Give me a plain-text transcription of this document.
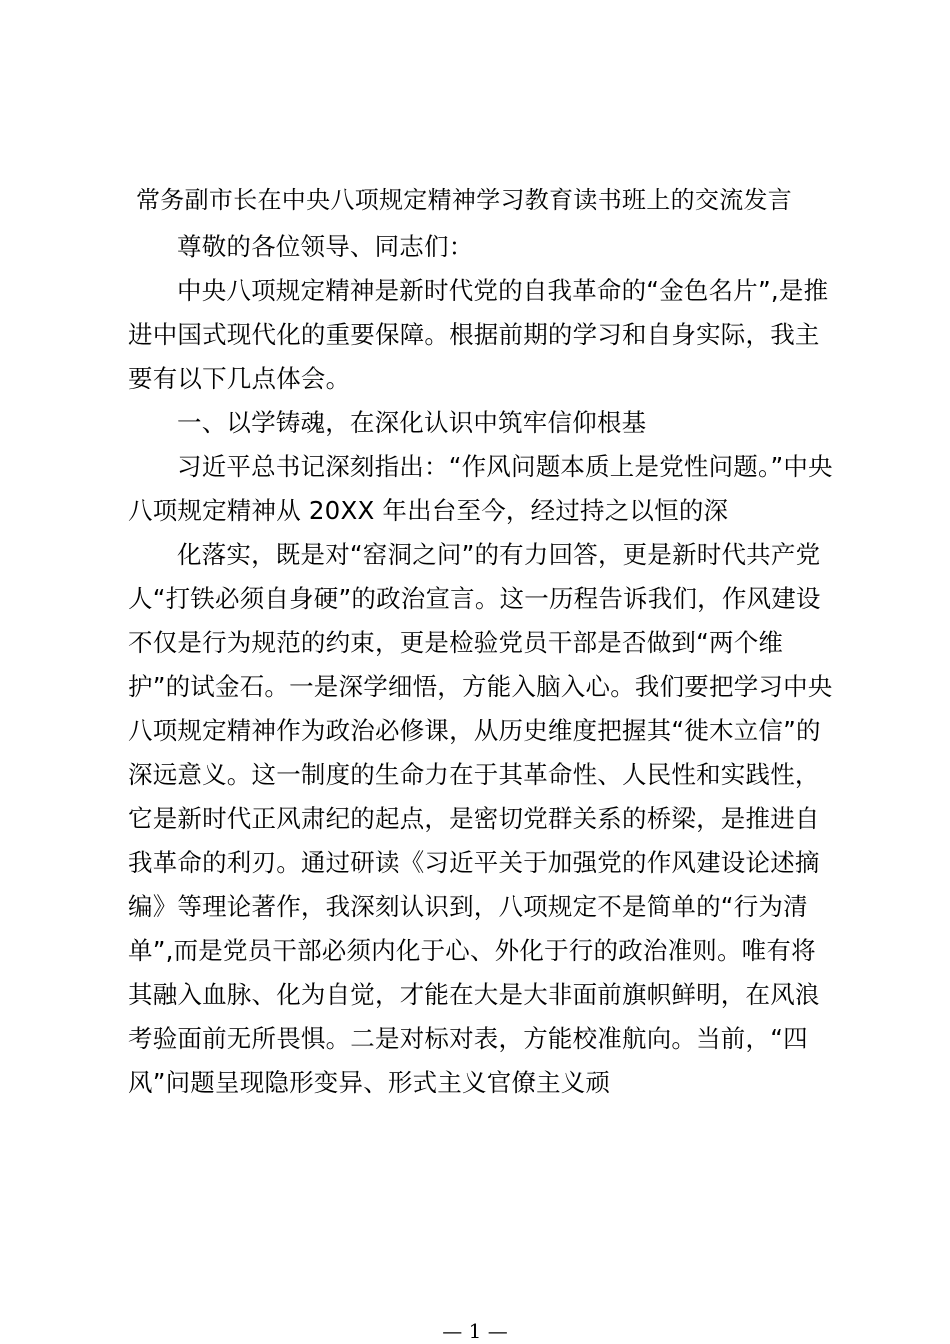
常务副市长在中央八项规定精神学习教育读书班上的交流发言

尊敬的各位领导、同志们：

中央八项规定精神是新时代党的自我革命的“金色名片”,是推进中国式现代化的重要保障。根据前期的学习和自身实际，我主要有以下几点体会。

一、以学铸魂，在深化认识中筑牢信仰根基

习近平总书记深刻指出：“作风问题本质上是党性问题。”中央八项规定精神从 20XX 年出台至今，经过持之以恒的深

化落实，既是对“窑洞之问”的有力回答，更是新时代共产党人“打铁必须自身硬”的政治宣言。这一历程告诉我们，作风建设不仅是行为规范的约束，更是检验党员干部是否做到“两个维护”的试金石。一是深学细悟，方能入脑入心。我们要把学习中央八项规定精神作为政治必修课，从历史维度把握其“徙木立信”的深远意义。这一制度的生命力在于其革命性、人民性和实践性，它是新时代正风肃纪的起点，是密切党群关系的桥梁，是推进自我革命的利刃。通过研读《习近平关于加强党的作风建设论述摘编》等理论著作，我深刻认识到，八项规定不是简单的“行为清单”,而是党员干部必须内化于心、外化于行的政治准则。唯有将其融入血脉、化为自觉，才能在大是大非面前旗帜鲜明，在风浪考验面前无所畏惧。二是对标对表，方能校准航向。当前，“四风”问题呈现隐形变异、形式主义官僚主义顽

— 1 —
